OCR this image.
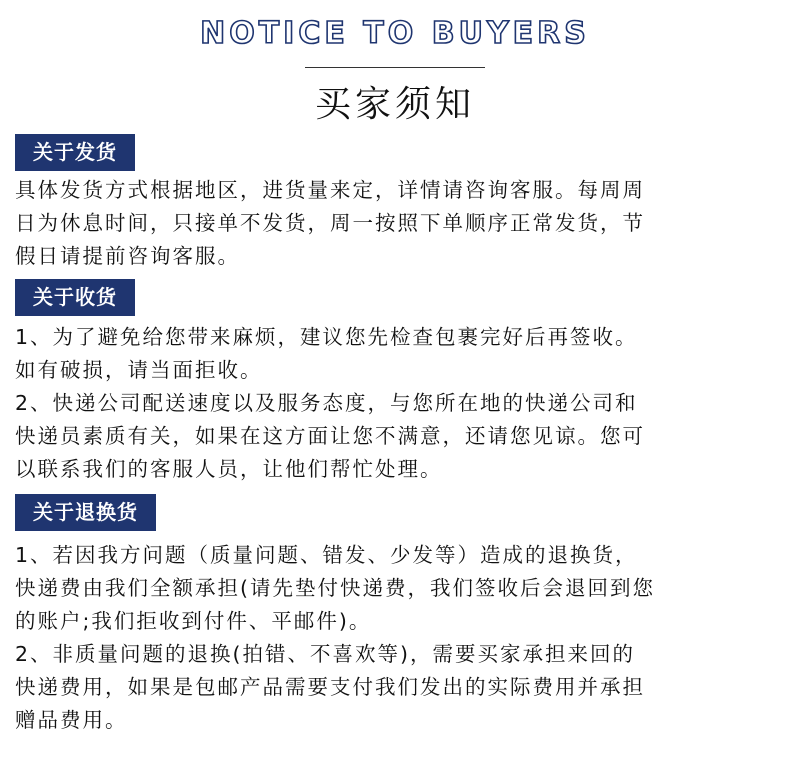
NOTICE TO BUYERS
买家须知
关于发货

具体发货方式根据地区，进货量来定，详情请咨询客服。每周周

日为休息时间，只接单不发货，周一按照下单顺序正常发货，节

假日请提前咨询客服。

关于收货

1、为了避免给您带来麻烦，建议您先检查包裹完好后再签收。

如有破损，请当面拒收。

2、快递公司配送速度以及服务态度，与您所在地的快递公司和

快递员素质有关，如果在这方面让您不满意，还请您见谅。您可

以联系我们的客服人员，让他们帮忙处理。

关于退换货

1、若因我方问题（质量问题、错发、少发等）造成的退换货，

快递费由我们全额承担(请先垫付快递费，我们签收后会退回到您

的账户;我们拒收到付件、平邮件)。

2、非质量问题的退换(拍错、不喜欢等)，需要买家承担来回的

快递费用，如果是包邮产品需要支付我们发出的实际费用并承担

赠品费用。
